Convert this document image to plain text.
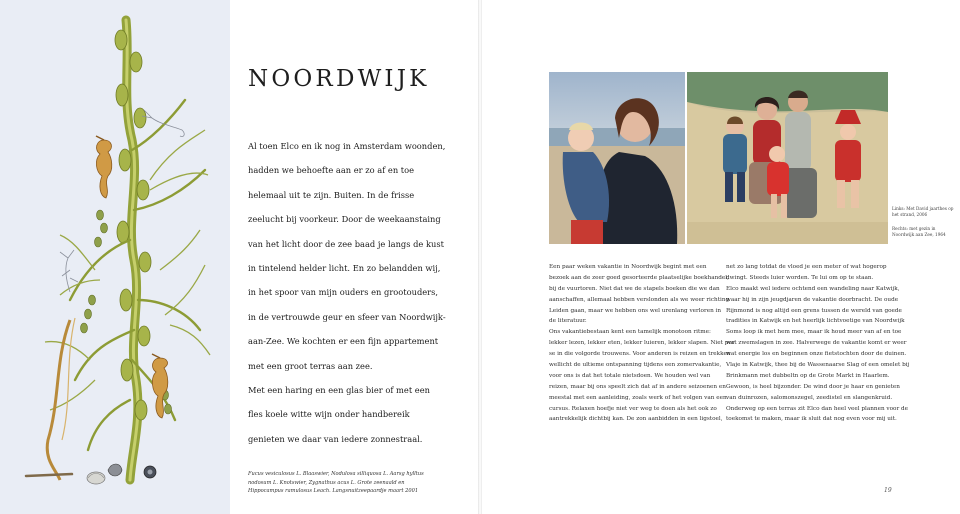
NOORDWIJK
Al toen Elco en ik nog in Amsterdam woonden,
hadden we behoefte aan er zo af en toe
helemaal uit te zijn. Buiten. In de frisse
zeelucht bij voorkeur. Door de weekaanstaing
van het licht door de zee baad je langs de kust
in tintelend helder licht. En zo belandden wij,
in het spoor van mijn ouders en grootouders,
in de vertrouwde geur en sfeer van Noordwijk-
aan-Zee. We kochten er een fijn appartement
met een groot terras aan zee.
Met een haring en een glas bier of met een
fles koele witte wijn onder handbereik
genieten we daar van iedere zonnestraal.
Fucus vesiculosus L. Blaaswier, Nodulosa silliquosa L. Aarsg hylltus
nodosum L. Knotswier, Zygnathus acus L. Grote zeenaald en
Hippocampus ramulosus Leach. Langsnuitzeepaardje maart 2001
Links: Met David jaarthes op het strand, 2006
Rechts: met gezin in Noordwijk aan Zee, 1964
Een paar weken vakantie in Noordwijk begint met een
bezoek aan de zeer goed gesorteerde plaatselijke boekhandel,
bij de vuurtoren. Niet dat we de stapels boeken die we dan
aanschaffen, allemaal hebben verslonden als we weer richting
Leiden gaan, maar we hebben ons wel urenlang verloren in
de literatuur.
Ons vakantiebestaan kent een tamelijk monotoon ritme:
lekker lezen, lekker eten, lekker luieren, lekker slapen. Niet per
se in die volgorde trouwens. Voor anderen is reizen en trekken
wellicht de ultieme ontspanning tijdens een zomervakantie,
voor ons is dat het totale nietsdoen. We houden wel van
reizen, maar bij ons speelt zich dat af in andere seizoenen en
meestal met een aanleiding, zoals werk of het volgen van een
cursus. Relaxen hoefje niet ver weg te doen als het ook zo
aantrekkelijk dichtbij kan. De zon aanbidden in een ligstoel,
net zo lang totdat de vloed je een meter of wat hogerop
dwingt. Steeds luier worden. Te lui om op te staan.
Elco maakt wel iedere ochtend een wandeling naar Katwijk,
waar hij in zijn jeugdjaren de vakantie doorbracht. De oude
Rijnmond is nog altijd een grens tussen de wereld van goede
tradities in Katwijk en het heerlijk lichtvoetige van Noordwijk
Soms loop ik met hem mee, maar ik houd meer van af en toe
wat zwemslagen in zee. Halverwege de vakantie komt er weer
wat energie los en beginnen onze fietstochten door de duinen.
Vlaje in Katwijk, thee bij de Wassenaarse Slag of een omelet bij
Brinkmann met dubbeltn op de Grote Markt in Haarlem.
Gewoon, is heel bijzonder. De wind door je haar en genieten
van duinrozen, salomonszegel, zeedistel en slangenkruid.
Onderweg op een terras zit Elco dan heel veel plannen voor de
toekomst te maken, maar ik sluit dat nog even voor mij uit.
19
